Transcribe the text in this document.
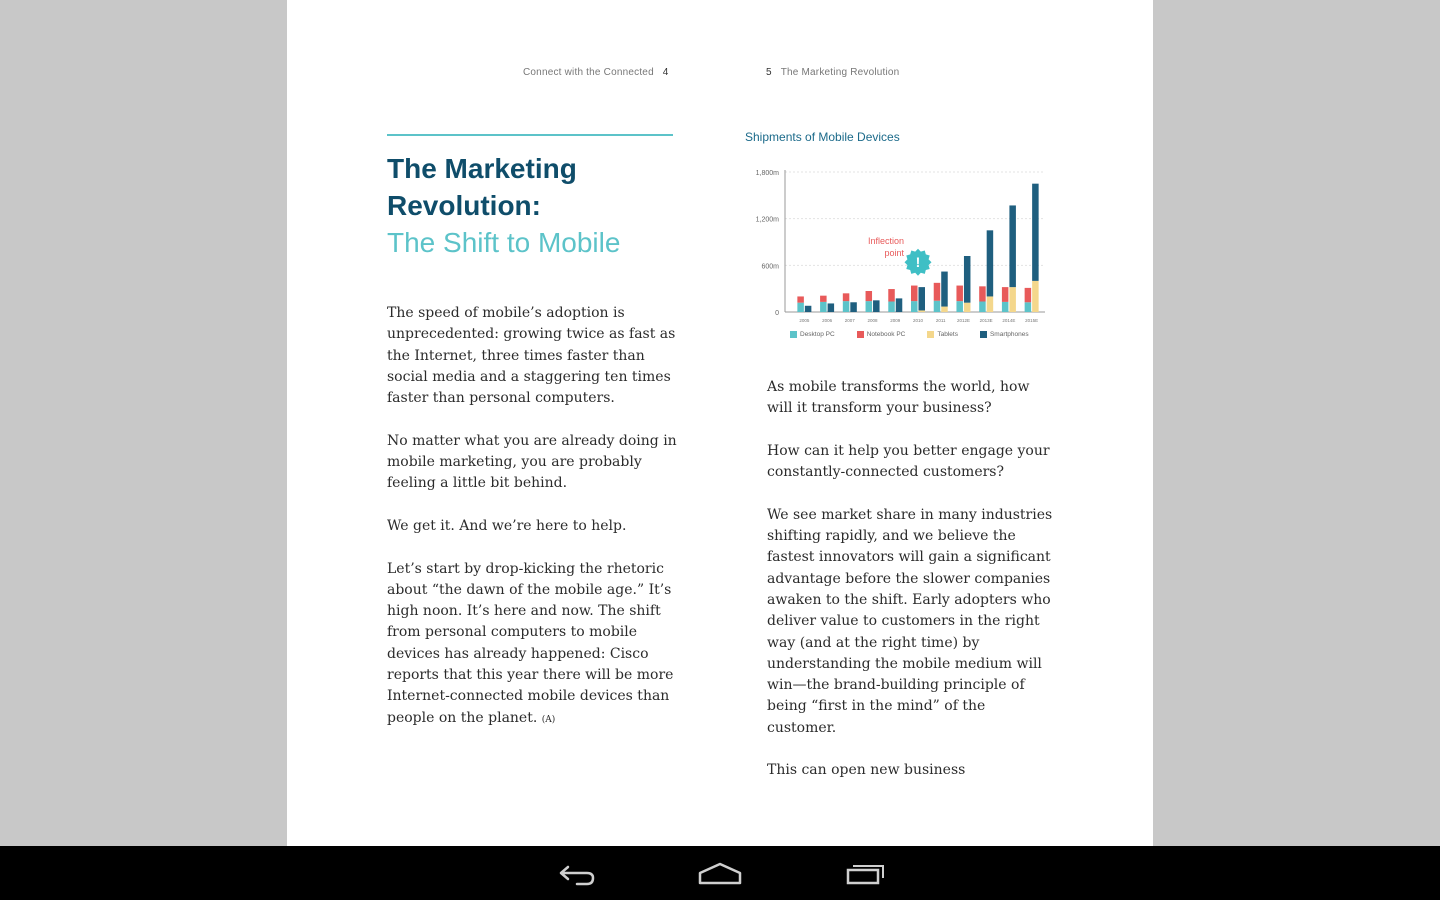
Connect with the Connected 4	5 The Marketing Revolution
The Marketing
Revolution:
The Shift to Mobile

The speed of mobile’s adoption is unprecedented: growing twice as fast as the Internet, three times faster than social media and a staggering ten times faster than personal computers.

No matter what you are already doing in mobile marketing, you are probably feeling a little bit behind.

We get it. And we’re here to help.

Let’s start by drop-kicking the rhetoric about “the dawn of the mobile age.” It’s high noon. It’s here and now. The shift from personal computers to mobile devices has already happened: Cisco reports that this year there will be more Internet-connected mobile devices than people on the planet. (A)

Shipments of Mobile Devices
0
600m
1,200m
1,800m
2005	2006	2007	2008	2009	2010	2011	2012E 2013E 2014E 2015E
Inflection
point
!
Desktop PC	Notebook PC	Tablets	Smartphones

As mobile transforms the world, how will it transform your business?

How can it help you better engage your constantly-connected customers?

We see market share in many industries shifting rapidly, and we believe the fastest innovators will gain a significant advantage before the slower companies awaken to the shift. Early adopters who deliver value to customers in the right way (and at the right time) by understanding the mobile medium will win—the brand-building principle of being “first in the mind” of the customer.

This can open new business
